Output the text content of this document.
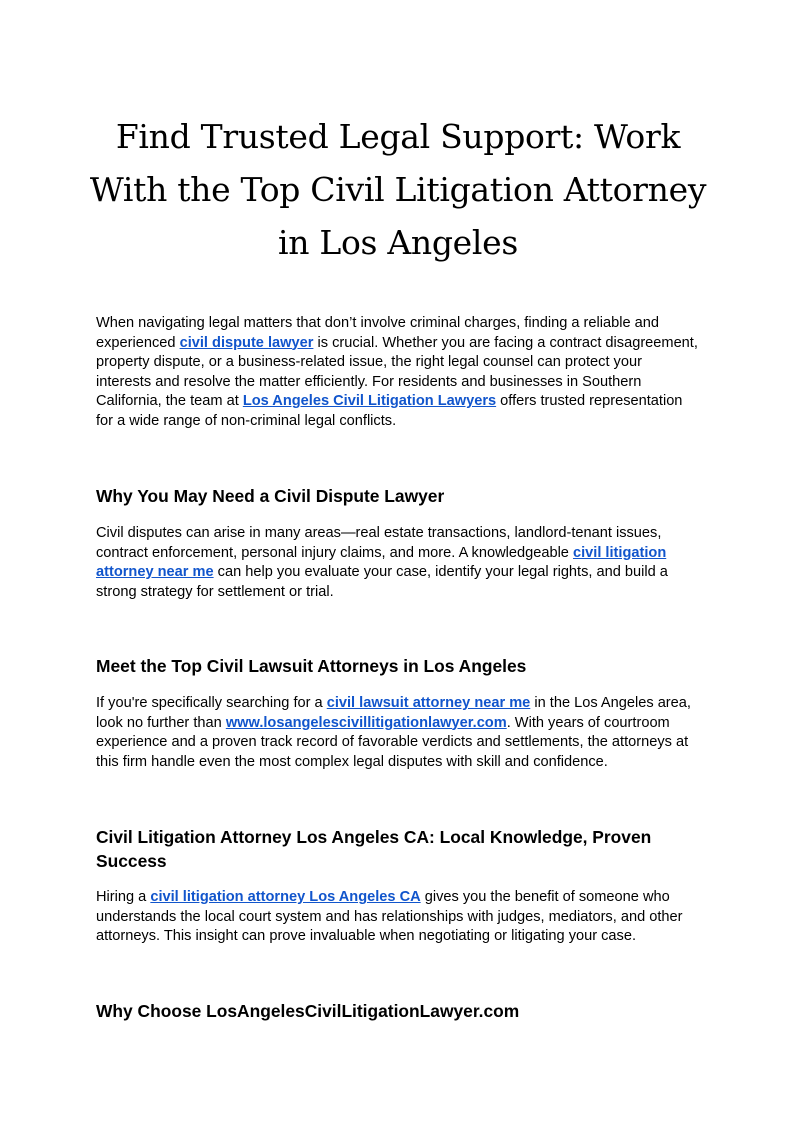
Find Trusted Legal Support: Work With the Top Civil Litigation Attorney in Los Angeles

When navigating legal matters that don’t involve criminal charges, finding a reliable and experienced civil dispute lawyer is crucial. Whether you are facing a contract disagreement, property dispute, or a business-related issue, the right legal counsel can protect your interests and resolve the matter efficiently. For residents and businesses in Southern California, the team at Los Angeles Civil Litigation Lawyers offers trusted representation for a wide range of non-criminal legal conflicts.

Why You May Need a Civil Dispute Lawyer

Civil disputes can arise in many areas—real estate transactions, landlord-tenant issues, contract enforcement, personal injury claims, and more. A knowledgeable civil litigation attorney near me can help you evaluate your case, identify your legal rights, and build a strong strategy for settlement or trial.

Meet the Top Civil Lawsuit Attorneys in Los Angeles

If you're specifically searching for a civil lawsuit attorney near me in the Los Angeles area, look no further than www.losangelescivillitigationlawyer.com. With years of courtroom experience and a proven track record of favorable verdicts and settlements, the attorneys at this firm handle even the most complex legal disputes with skill and confidence.

Civil Litigation Attorney Los Angeles CA: Local Knowledge, Proven Success

Hiring a civil litigation attorney Los Angeles CA gives you the benefit of someone who understands the local court system and has relationships with judges, mediators, and other attorneys. This insight can prove invaluable when negotiating or litigating your case.

Why Choose LosAngelesCivilLitigationLawyer.com
